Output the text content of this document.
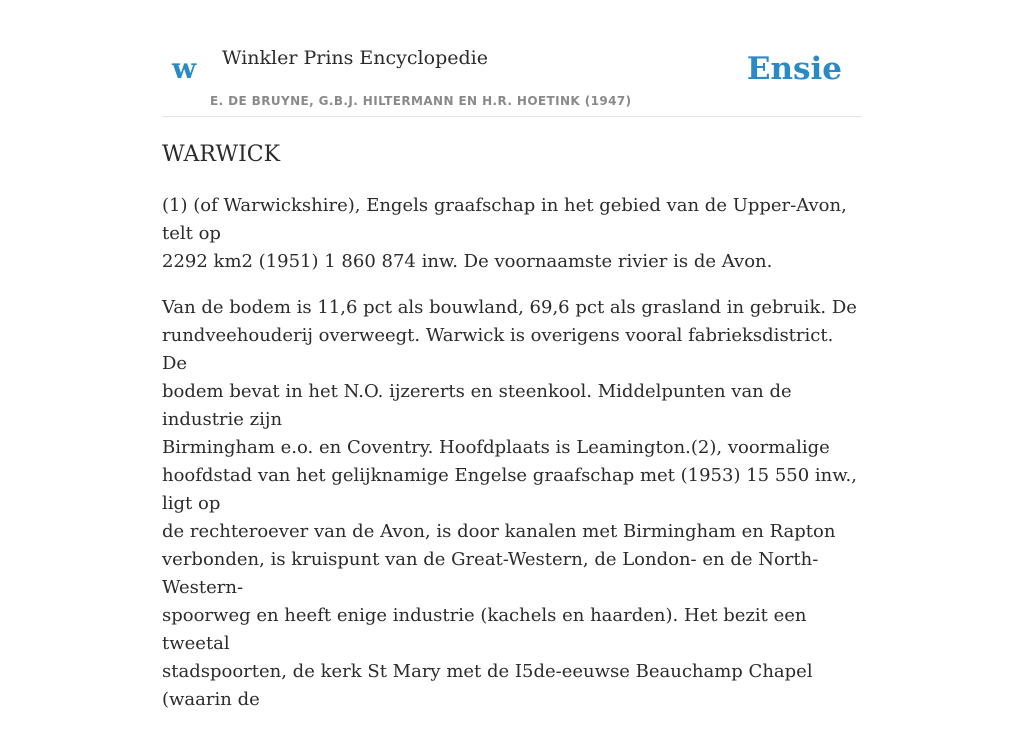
w Winkler Prins Encyclopedie
E. DE BRUYNE, G.B.J. HILTERMANN EN H.R. HOETINK (1947)
Ensie
WARWICK

(1) (of Warwickshire), Engels graafschap in het gebied van de Upper-Avon, telt op
2292 km2 (1951) 1 860 874 inw. De voornaamste rivier is de Avon.

Van de bodem is 11,6 pct als bouwland, 69,6 pct als grasland in gebruik. De
rundveehouderij overweegt. Warwick is overigens vooral fabrieksdistrict. De
bodem bevat in het N.O. ijzererts en steenkool. Middelpunten van de industrie zijn
Birmingham e.o. en Coventry. Hoofdplaats is Leamington.(2), voormalige
hoofdstad van het gelijknamige Engelse graafschap met (1953) 15 550 inw., ligt op
de rechteroever van de Avon, is door kanalen met Birmingham en Rapton
verbonden, is kruispunt van de Great-Western, de London- en de North-Western-
spoorweg en heeft enige industrie (kachels en haarden). Het bezit een tweetal
stadspoorten, de kerk St Mary met de I5de-eeuwse Beauchamp Chapel (waarin de
